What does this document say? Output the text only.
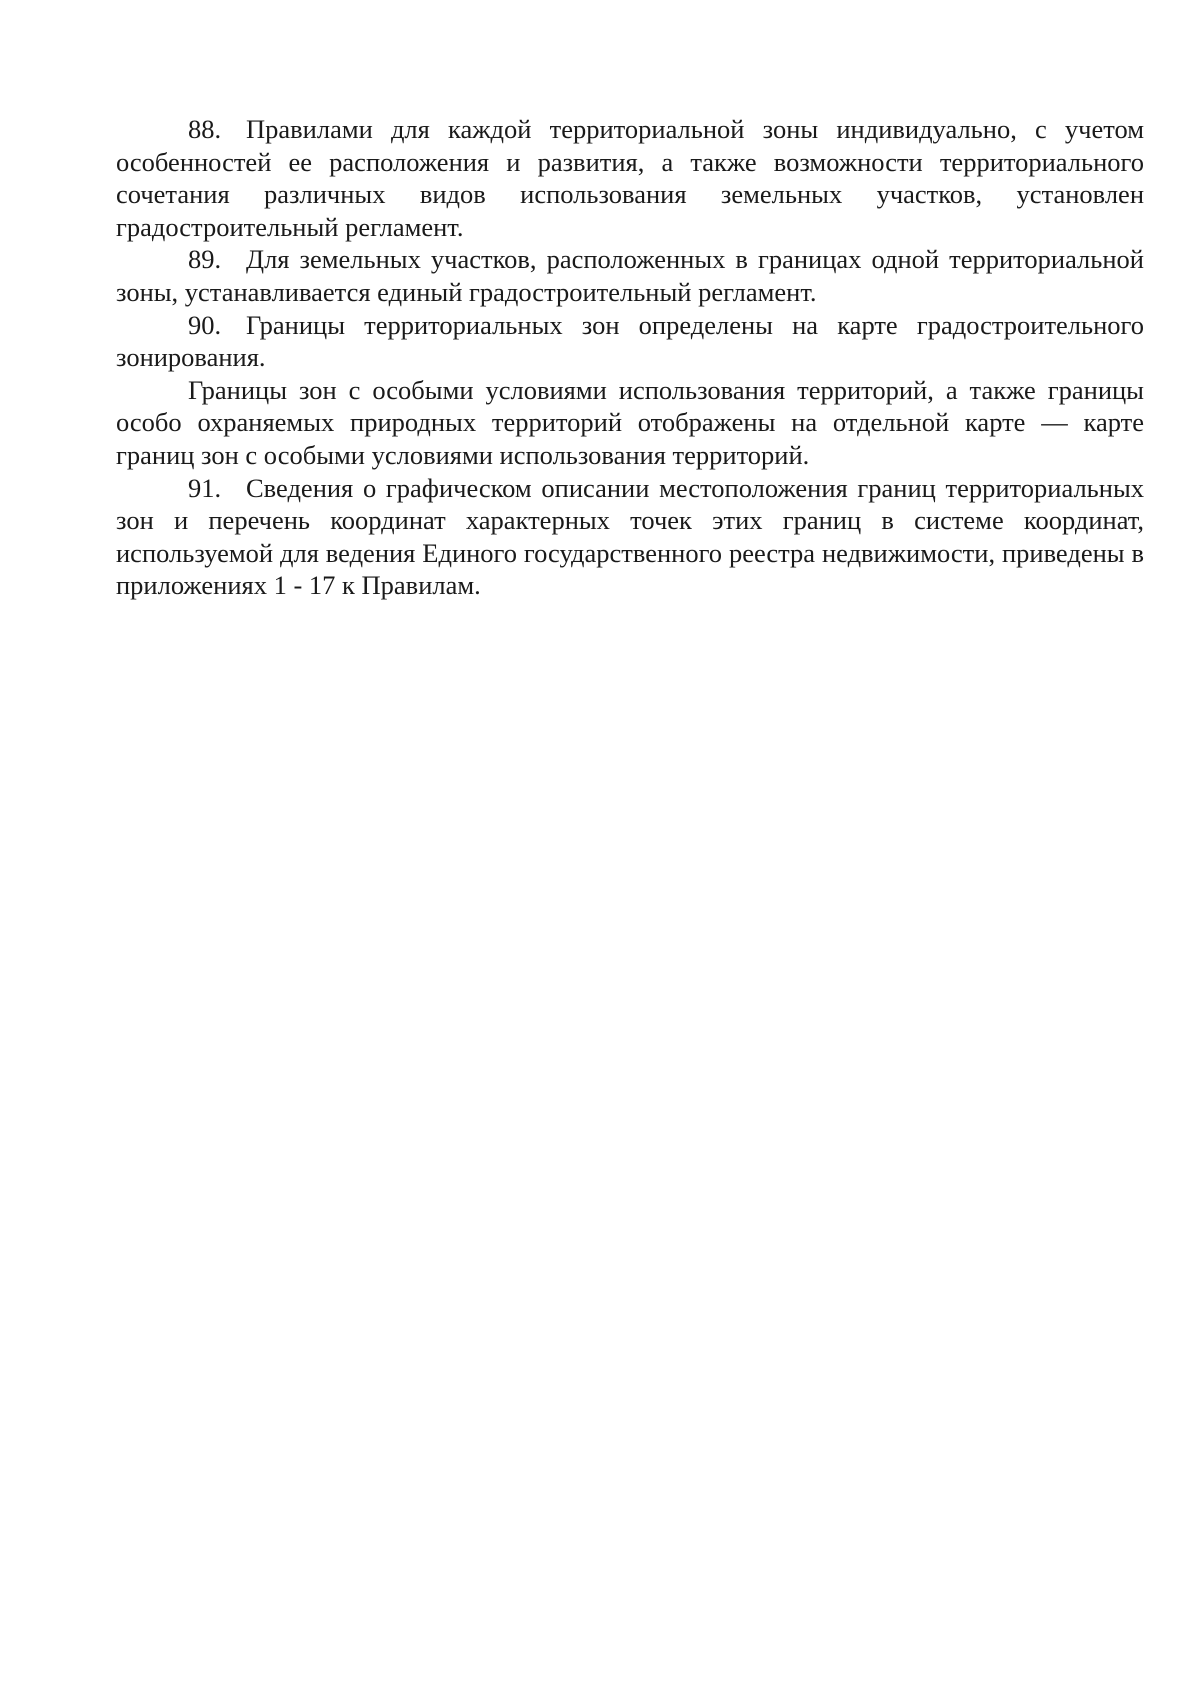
88. Правилами для каждой территориальной зоны индивидуально, с учетом особенностей ее расположения и развития, а также возможности территориального сочетания различных видов использования земельных участков, установлен градостроительный регламент.

89. Для земельных участков, расположенных в границах одной территориальной зоны, устанавливается единый градостроительный регламент.

90. Границы территориальных зон определены на карте градостроительного зонирования.

Границы зон с особыми условиями использования территорий, а также границы особо охраняемых природных территорий отображены на отдельной карте — карте границ зон с особыми условиями использования территорий.

91. Сведения о графическом описании местоположения границ территориальных зон и перечень координат характерных точек этих границ в системе координат, используемой для ведения Единого государственного реестра недвижимости, приведены в приложениях 1 - 17 к Правилам.
